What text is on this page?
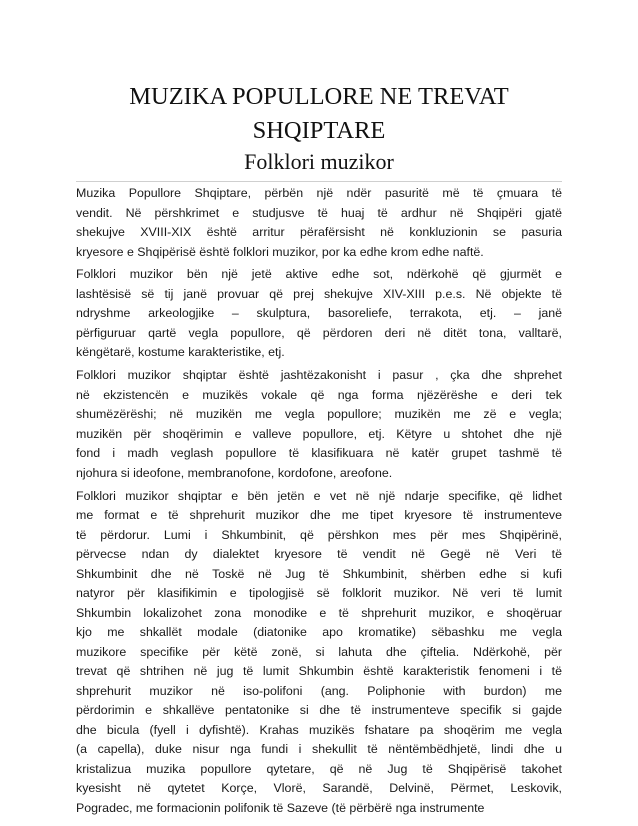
MUZIKA POPULLORE NE TREVAT
SHQIPTARE
Folklori muzikor

Muzika Popullore Shqiptare, përbën një ndër pasuritë më të çmuara të
vendit. Në përshkrimet e studjusve të huaj të ardhur në Shqipëri gjatë
shekujve XVIII-XIX është arritur përafërsisht në konkluzionin se pasuria
kryesore e Shqipërisë është folklori muzikor, por ka edhe krom edhe naftë.

Folklori muzikor bën një jetë aktive edhe sot, ndërkohë që gjurmët e
lashtësisë së tij janë provuar që prej shekujve XIV-XIII p.e.s. Në objekte të
ndryshme arkeologjike – skulptura, basoreliefe, terrakota, etj. – janë
përfiguruar qartë vegla popullore, që përdoren deri në ditët tona, valltarë,
këngëtarë, kostume karakteristike, etj.

Folklori muzikor shqiptar është jashtëzakonisht i pasur , çka dhe shprehet
në ekzistencën e muzikës vokale që nga forma njëzërëshe e deri tek
shumëzërëshi; në muzikën me vegla popullore; muzikën me zë e vegla;
muzikën për shoqërimin e valleve popullore, etj. Këtyre u shtohet dhe një
fond i madh veglash popullore të klasifikuara në katër grupet tashmë të
njohura si ideofone, membranofone, kordofone, areofone.

Folklori muzikor shqiptar e bën jetën e vet në një ndarje specifike, që lidhet
me format e të shprehurit muzikor dhe me tipet kryesore të instrumenteve
të përdorur. Lumi i Shkumbinit, që përshkon mes për mes Shqipërinë,
përvecse ndan dy dialektet kryesore të vendit në Gegë në Veri të
Shkumbinit dhe në Toskë në Jug të Shkumbinit, shërben edhe si kufi
natyror për klasifikimin e tipologjisë së folklorit muzikor. Në veri të lumit
Shkumbin lokalizohet zona monodike e të shprehurit muzikor, e shoqëruar
kjo me shkallët modale (diatonike apo kromatike) sëbashku me vegla
muzikore specifike për këtë zonë, si lahuta dhe çiftelia. Ndërkohë, për
trevat që shtrihen në jug të lumit Shkumbin është karakteristik fenomeni i të
shprehurit muzikor në iso-polifoni (ang. Poliphonie with burdon) me
përdorimin e shkallëve pentatonike si dhe të instrumenteve specifik si gajde
dhe bicula (fyell i dyfishtë). Krahas muzikës fshatare pa shoqërim me vegla
(a capella), duke nisur nga fundi i shekullit të nëntëmbëdhjetë, lindi dhe u
kristalizua muzika popullore qytetare, që në Jug të Shqipërisë takohet
kyesisht në qytetet Korçe, Vlorë, Sarandë, Delvinë, Përmet, Leskovik,
Pogradec, me formacionin polifonik të Sazeve (të përbërë nga instrumente
